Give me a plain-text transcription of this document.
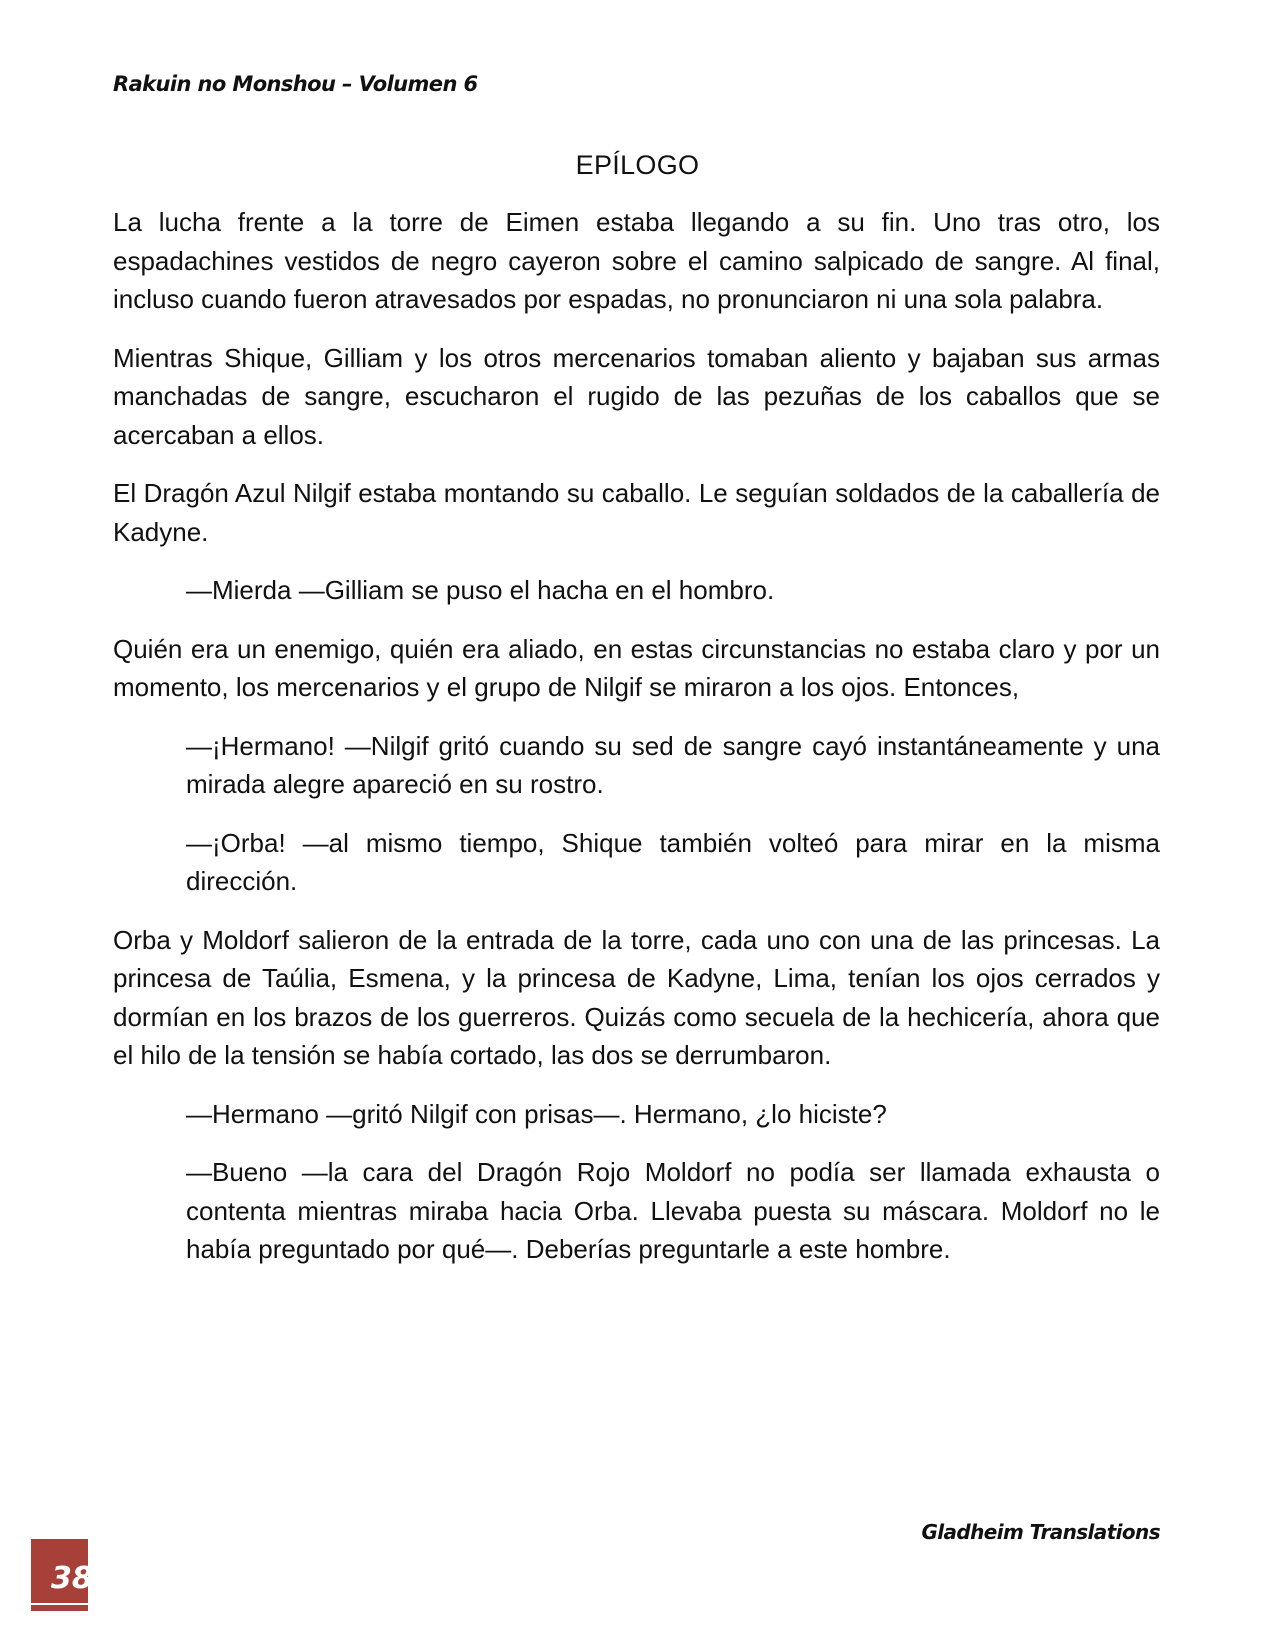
Rakuin no Monshou – Volumen 6
EPÍLOGO

La lucha frente a la torre de Eimen estaba llegando a su fin. Uno tras otro, los espadachines vestidos de negro cayeron sobre el camino salpicado de sangre. Al final, incluso cuando fueron atravesados por espadas, no pronunciaron ni una sola palabra.

Mientras Shique, Gilliam y los otros mercenarios tomaban aliento y bajaban sus armas manchadas de sangre, escucharon el rugido de las pezuñas de los caballos que se acercaban a ellos.

El Dragón Azul Nilgif estaba montando su caballo. Le seguían soldados de la caballería de Kadyne.

—Mierda —Gilliam se puso el hacha en el hombro.

Quién era un enemigo, quién era aliado, en estas circunstancias no estaba claro y por un momento, los mercenarios y el grupo de Nilgif se miraron a los ojos. Entonces,

—¡Hermano! —Nilgif gritó cuando su sed de sangre cayó instantáneamente y una mirada alegre apareció en su rostro.

—¡Orba! —al mismo tiempo, Shique también volteó para mirar en la misma dirección.

Orba y Moldorf salieron de la entrada de la torre, cada uno con una de las princesas. La princesa de Taúlia, Esmena, y la princesa de Kadyne, Lima, tenían los ojos cerrados y dormían en los brazos de los guerreros. Quizás como secuela de la hechicería, ahora que el hilo de la tensión se había cortado, las dos se derrumbaron.

—Hermano —gritó Nilgif con prisas—. Hermano, ¿lo hiciste?

—Bueno —la cara del Dragón Rojo Moldorf no podía ser llamada exhausta o contenta mientras miraba hacia Orba. Llevaba puesta su máscara. Moldorf no le había preguntado por qué—. Deberías preguntarle a este hombre.

Gladheim Translations
38
